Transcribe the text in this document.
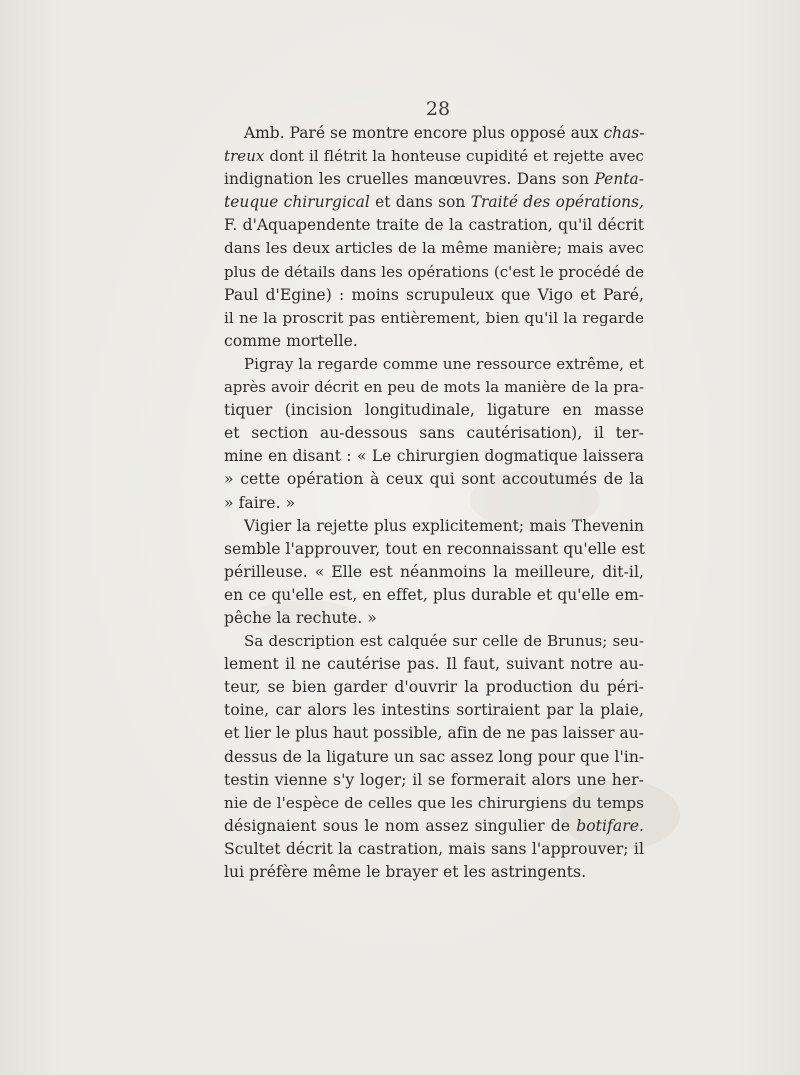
28
Amb. Paré se montre encore plus opposé aux chas-
treux dont il flétrit la honteuse cupidité et rejette avec
indignation les cruelles manœuvres. Dans son Penta-
teuque chirurgical et dans son Traité des opérations,
F. d'Aquapendente traite de la castration, qu'il décrit
dans les deux articles de la même manière; mais avec
plus de détails dans les opérations (c'est le procédé de
Paul d'Egine) : moins scrupuleux que Vigo et Paré,
il ne la proscrit pas entièrement, bien qu'il la regarde
comme mortelle.
Pigray la regarde comme une ressource extrême, et
après avoir décrit en peu de mots la manière de la pra-
tiquer (incision longitudinale, ligature en masse
et section au-dessous sans cautérisation), il ter-
mine en disant : « Le chirurgien dogmatique laissera
» cette opération à ceux qui sont accoutumés de la
» faire. »
Vigier la rejette plus explicitement; mais Thevenin
semble l'approuver, tout en reconnaissant qu'elle est
périlleuse. « Elle est néanmoins la meilleure, dit-il,
en ce qu'elle est, en effet, plus durable et qu'elle em-
pêche la rechute. »
Sa description est calquée sur celle de Brunus; seu-
lement il ne cautérise pas. Il faut, suivant notre au-
teur, se bien garder d'ouvrir la production du péri-
toine, car alors les intestins sortiraient par la plaie,
et lier le plus haut possible, afin de ne pas laisser au-
dessus de la ligature un sac assez long pour que l'in-
testin vienne s'y loger; il se formerait alors une her-
nie de l'espèce de celles que les chirurgiens du temps
désignaient sous le nom assez singulier de botifare.
Scultet décrit la castration, mais sans l'approuver; il
lui préfère même le brayer et les astringents.
